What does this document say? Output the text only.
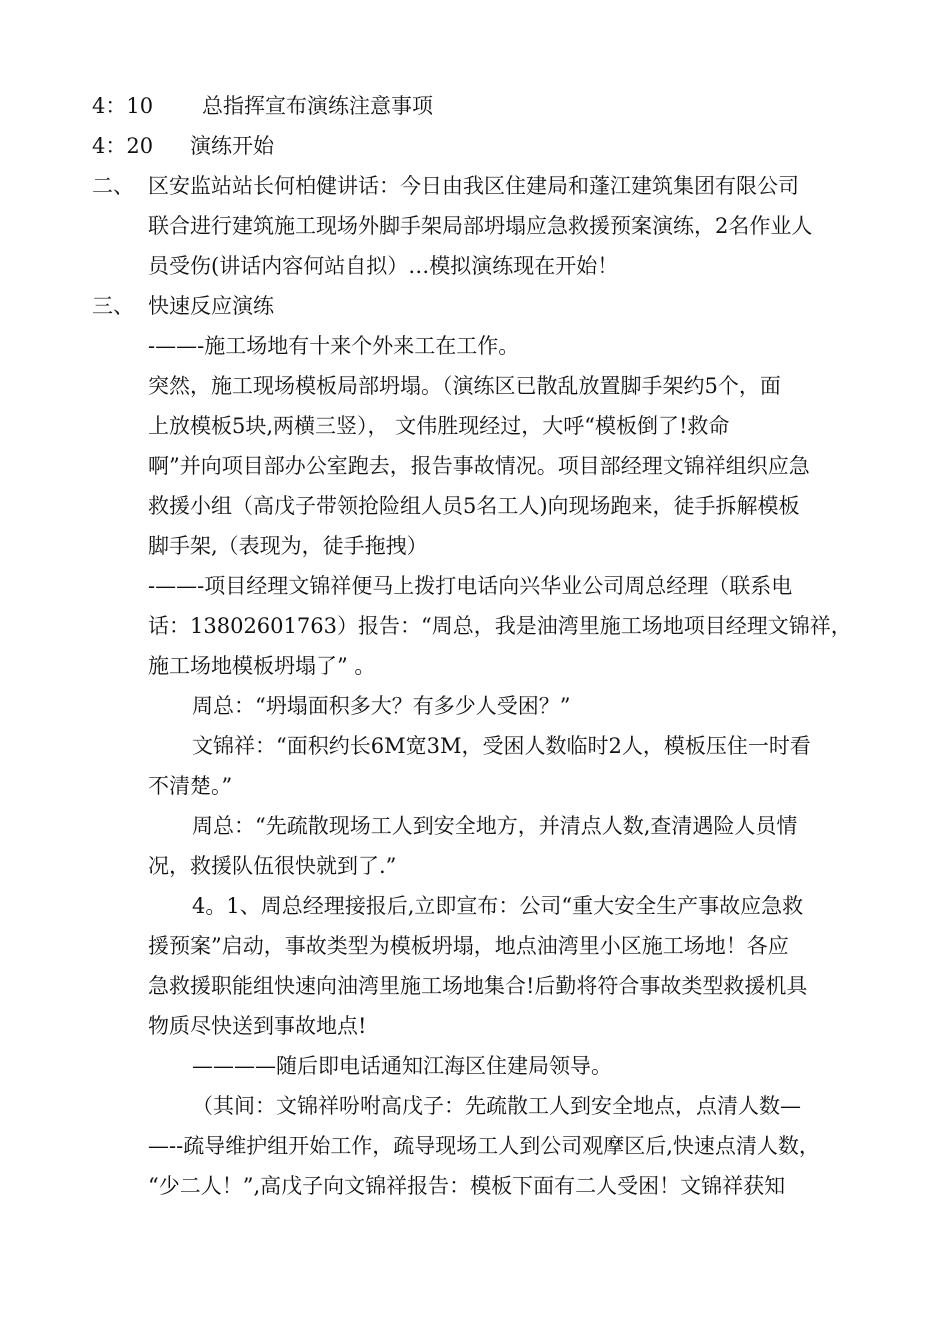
4：10 总指挥宣布演练注意事项
4：20 演练开始
二、 区安监站站长何柏健讲话：今日由我区住建局和蓬江建筑集团有限公司
联合进行建筑施工现场外脚手架局部坍塌应急救援预案演练，2名作业人
员受伤(讲话内容何站自拟）…模拟演练现在开始！
三、 快速反应演练
-——-施工场地有十来个外来工在工作。
突然，施工现场模板局部坍塌。（演练区已散乱放置脚手架约5个，面
上放模板5块,两横三竖）， 文伟胜现经过，大呼“模板倒了!救命
啊”并向项目部办公室跑去，报告事故情况。项目部经理文锦祥组织应急
救援小组（高戊子带领抢险组人员5名工人)向现场跑来，徒手拆解模板
脚手架,（表现为，徒手拖拽）
-——-项目经理文锦祥便马上拨打电话向兴华业公司周总经理（联系电
话：13802601763）报告：“周总，我是油湾里施工场地项目经理文锦祥，
施工场地模板坍塌了” 。
周总：“坍塌面积多大？有多少人受困？”
文锦祥：“面积约长6M宽3M，受困人数临时2人，模板压住一时看
不清楚。”
周总：“先疏散现场工人到安全地方，并清点人数,查清遇险人员情
况，救援队伍很快就到了.”
4。1、周总经理接报后,立即宣布：公司“重大安全生产事故应急救
援预案”启动，事故类型为模板坍塌，地点油湾里小区施工场地！各应
急救援职能组快速向油湾里施工场地集合!后勤将符合事故类型救援机具
物质尽快送到事故地点!
————随后即电话通知江海区住建局领导。
（其间：文锦祥吩咐高戊子：先疏散工人到安全地点，点清人数—
—--疏导维护组开始工作，疏导现场工人到公司观摩区后,快速点清人数，
“少二人！”,高戊子向文锦祥报告：模板下面有二人受困！文锦祥获知
